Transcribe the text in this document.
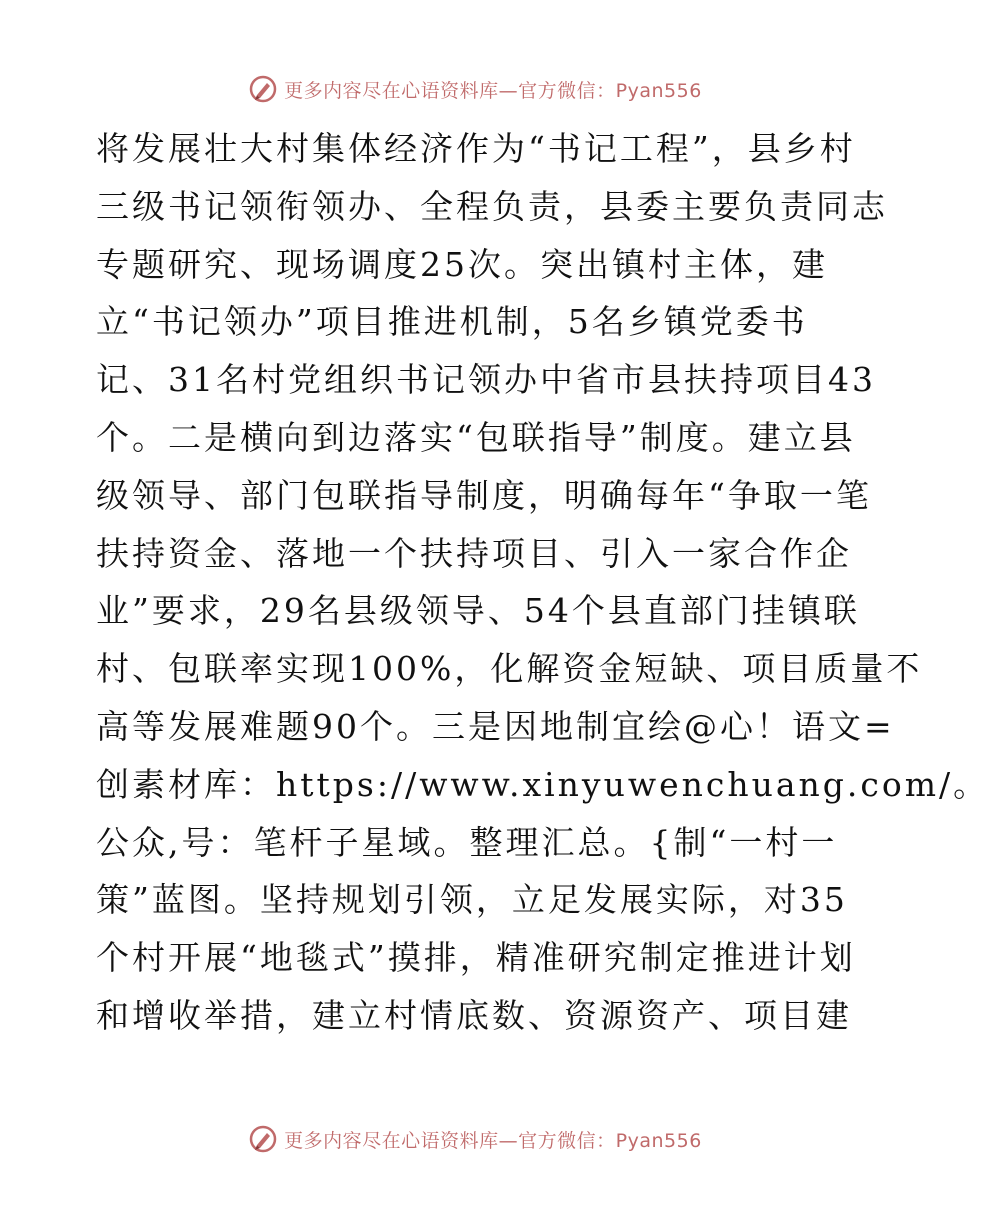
更多内容尽在心语资料库—官方微信：Pyan556
将发展壮大村集体经济作为“书记工程”，县乡村
三级书记领衔领办、全程负责，县委主要负责同志
专题研究、现场调度25次。突出镇村主体，建
立“书记领办”项目推进机制，5名乡镇党委书
记、31名村党组织书记领办中省市县扶持项目43
个。二是横向到边落实“包联指导”制度。建立县
级领导、部门包联指导制度，明确每年“争取一笔
扶持资金、落地一个扶持项目、引入一家合作企
业”要求，29名县级领导、54个县直部门挂镇联
村、包联率实现100%，化解资金短缺、项目质量不
高等发展难题90个。三是因地制宜绘@心！语文=
创素材库：https://www.xinyuwenchuang.com/。
公众,号：笔杆子星域。整理汇总。{制“一村一
策”蓝图。坚持规划引领，立足发展实际，对35
个村开展“地毯式”摸排，精准研究制定推进计划
和增收举措，建立村情底数、资源资产、项目建
更多内容尽在心语资料库—官方微信：Pyan556
